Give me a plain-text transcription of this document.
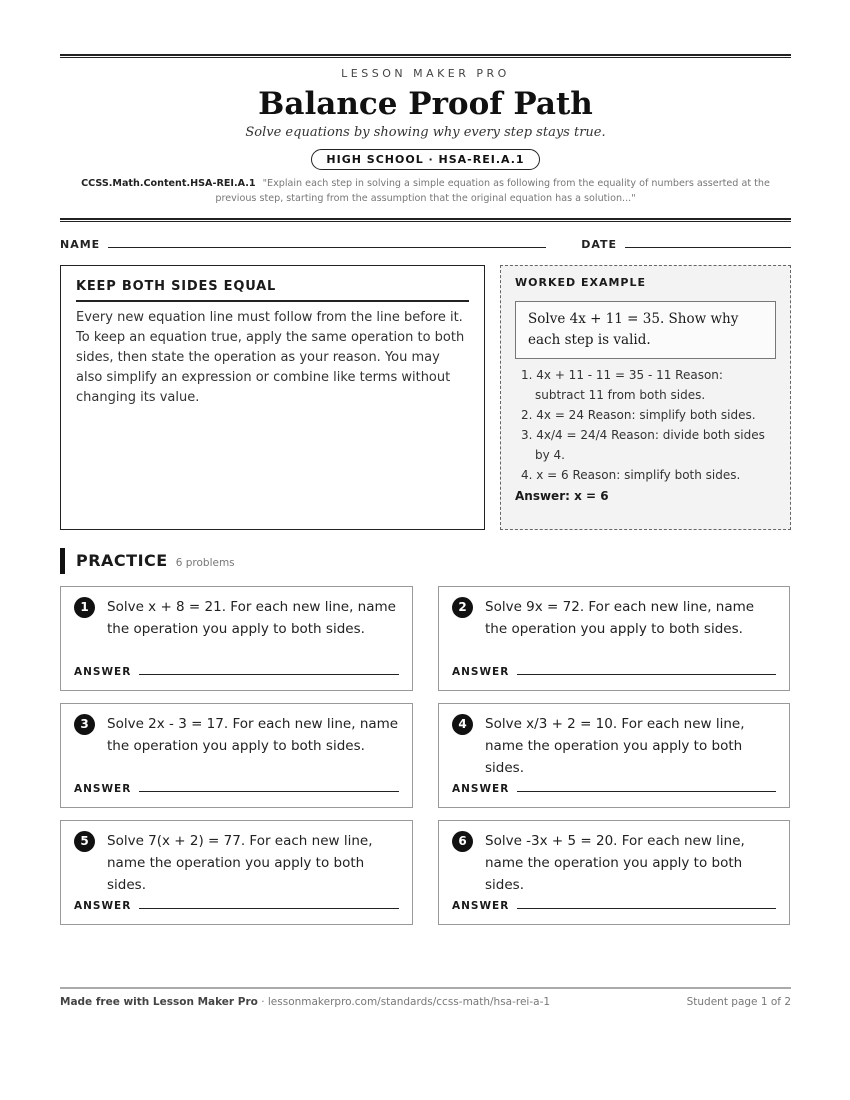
LESSON MAKER PRO
Balance Proof Path
Solve equations by showing why every step stays true.
HIGH SCHOOL · HSA-REI.A.1
CCSS.Math.Content.HSA-REI.A.1 "Explain each step in solving a simple equation as following from the equality of numbers asserted at the previous step, starting from the assumption that the original equation has a solution..."
NAME	DATE
KEEP BOTH SIDES EQUAL
Every new equation line must follow from the line before it. To keep an equation true, apply the same operation to both sides, then state the operation as your reason. You may also simplify an expression or combine like terms without changing its value.
WORKED EXAMPLE
Solve 4x + 11 = 35. Show why each step is valid.
1. 4x + 11 - 11 = 35 - 11 Reason: subtract 11 from both sides.
2. 4x = 24 Reason: simplify both sides.
3. 4x/4 = 24/4 Reason: divide both sides by 4.
4. x = 6 Reason: simplify both sides.
Answer: x = 6
PRACTICE 6 problems
1	Solve x + 8 = 21. For each new line, name the operation you apply to both sides.
ANSWER
2	Solve 9x = 72. For each new line, name the operation you apply to both sides.
ANSWER
3	Solve 2x - 3 = 17. For each new line, name the operation you apply to both sides.
ANSWER
4	Solve x/3 + 2 = 10. For each new line, name the operation you apply to both sides.
ANSWER
5	Solve 7(x + 2) = 77. For each new line, name the operation you apply to both sides.
ANSWER
6	Solve -3x + 5 = 20. For each new line, name the operation you apply to both sides.
ANSWER
Made free with Lesson Maker Pro · lessonmakerpro.com/standards/ccss-math/hsa-rei-a-1	Student page 1 of 2
